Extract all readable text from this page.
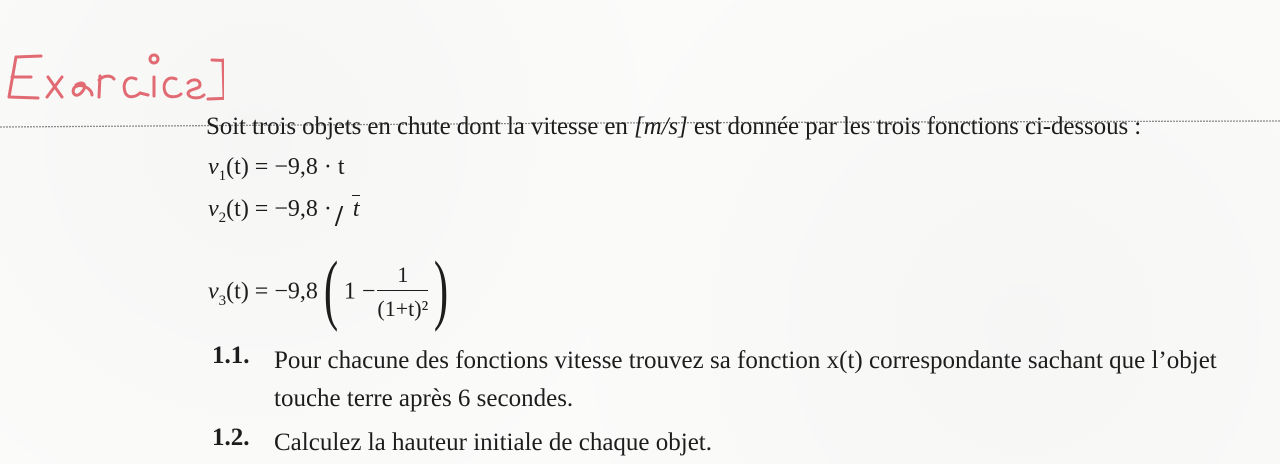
Soit trois objets en chute dont la vitesse en [m/s] est donnée par les trois fonctions ci-dessous :
$v_1(t) = -9,8 \cdot t$
$v_2(t) = -9,8 \cdot t$
$v_3(t) = -9,8$( $1 - \frac{1}{\text{(1+t)²}}$ )
1.1. Pour chacune des fonctions vitesse trouvez sa fonction x(t) correspondante sachant que l’objet touche terre après 6 secondes.
1.2. Calculez la hauteur initiale de chaque objet.
